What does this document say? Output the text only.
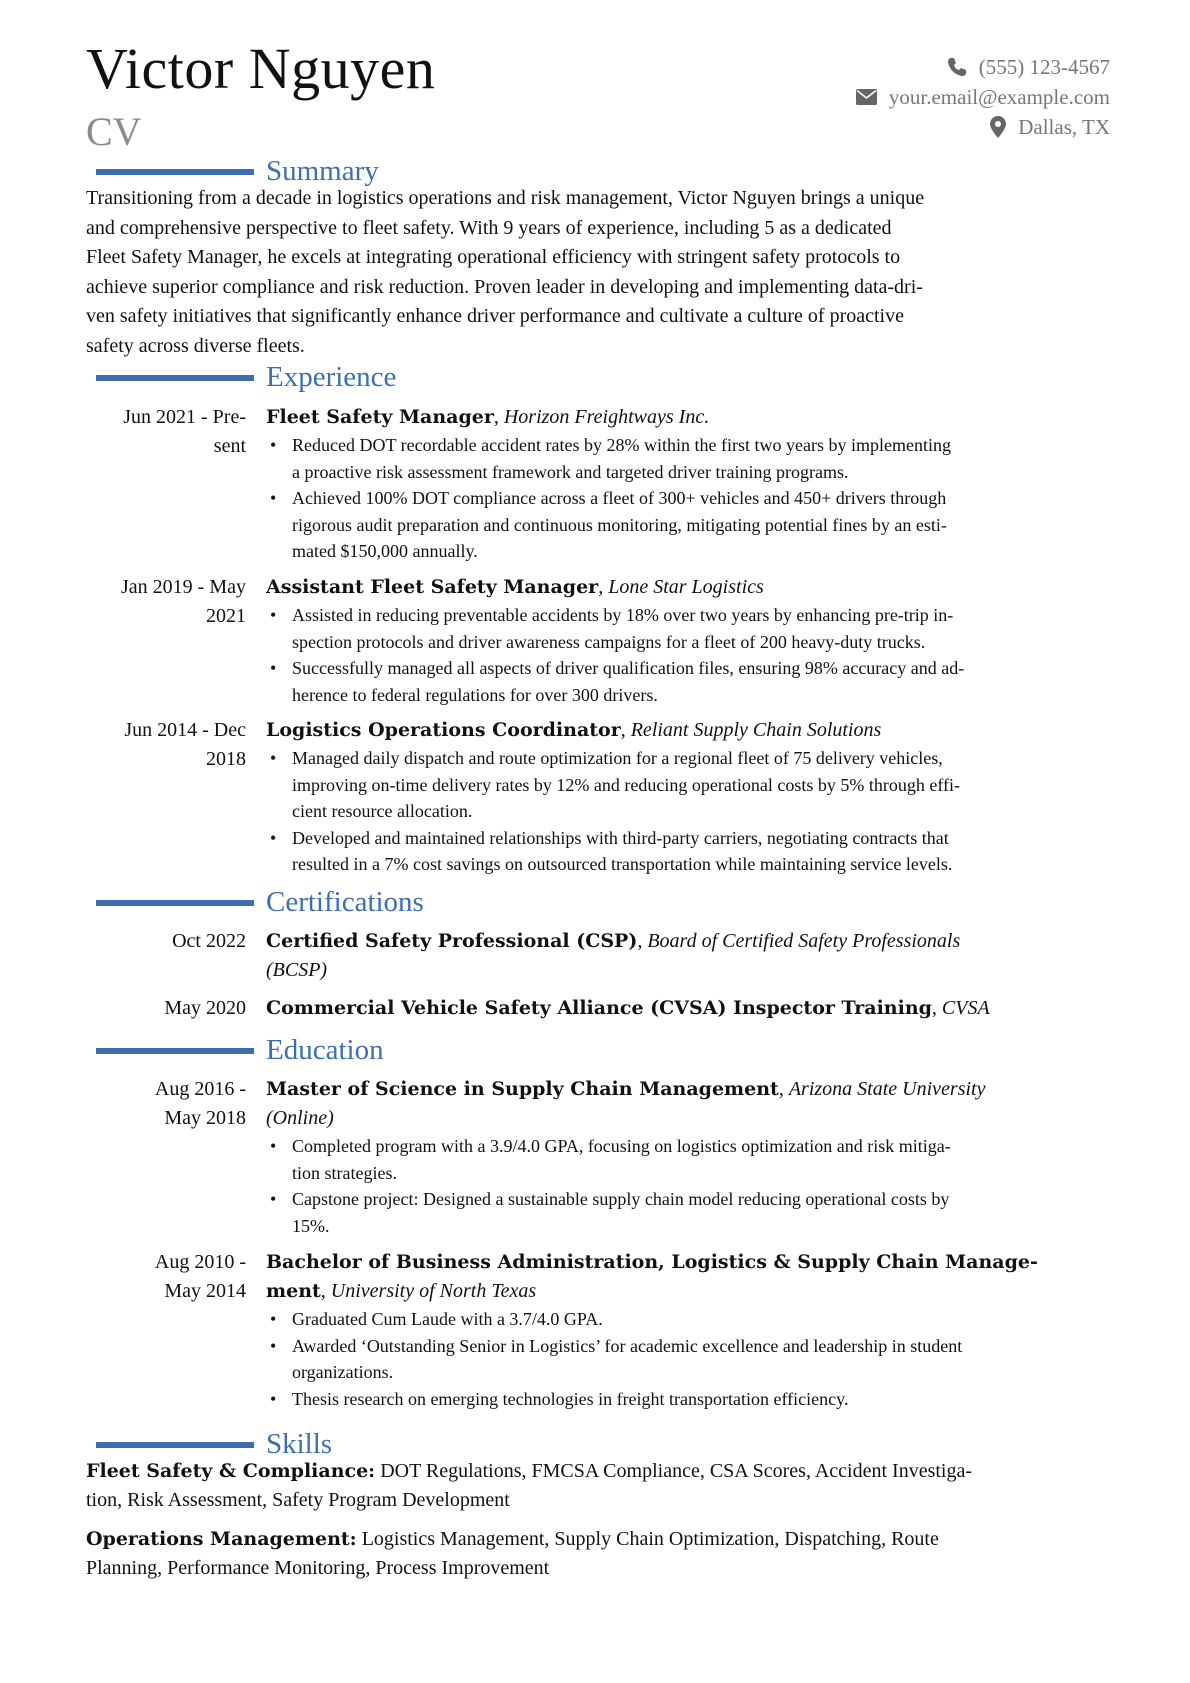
Victor Nguyen
CV
(555) 123-4567
your.email@example.com
Dallas, TX
Summary
Transitioning from a decade in logistics operations and risk management, Victor Nguyen brings a unique
and comprehensive perspective to fleet safety. With 9 years of experience, including 5 as a dedicated
Fleet Safety Manager, he excels at integrating operational efficiency with stringent safety protocols to
achieve superior compliance and risk reduction. Proven leader in developing and implementing data-dri-
ven safety initiatives that significantly enhance driver performance and cultivate a culture of proactive
safety across diverse fleets.
Experience
Jun 2021 - Pre-
sent
Fleet Safety Manager, Horizon Freightways Inc.
• Reduced DOT recordable accident rates by 28% within the first two years by implementing
a proactive risk assessment framework and targeted driver training programs.
• Achieved 100% DOT compliance across a fleet of 300+ vehicles and 450+ drivers through
rigorous audit preparation and continuous monitoring, mitigating potential fines by an esti-
mated $150,000 annually.
Jan 2019 - May
2021
Assistant Fleet Safety Manager, Lone Star Logistics
• Assisted in reducing preventable accidents by 18% over two years by enhancing pre-trip in-
spection protocols and driver awareness campaigns for a fleet of 200 heavy-duty trucks.
• Successfully managed all aspects of driver qualification files, ensuring 98% accuracy and ad-
herence to federal regulations for over 300 drivers.
Jun 2014 - Dec
2018
Logistics Operations Coordinator, Reliant Supply Chain Solutions
• Managed daily dispatch and route optimization for a regional fleet of 75 delivery vehicles,
improving on-time delivery rates by 12% and reducing operational costs by 5% through effi-
cient resource allocation.
• Developed and maintained relationships with third-party carriers, negotiating contracts that
resulted in a 7% cost savings on outsourced transportation while maintaining service levels.
Certifications
Oct 2022 Certified Safety Professional (CSP), Board of Certified Safety Professionals
(BCSP)
May 2020 Commercial Vehicle Safety Alliance (CVSA) Inspector Training, CVSA
Education
Aug 2016 -
May 2018
Master of Science in Supply Chain Management, Arizona State University
(Online)
• Completed program with a 3.9/4.0 GPA, focusing on logistics optimization and risk mitiga-
tion strategies.
• Capstone project: Designed a sustainable supply chain model reducing operational costs by
15%.
Aug 2010 -
May 2014
Bachelor of Business Administration, Logistics & Supply Chain Manage-
ment, University of North Texas
• Graduated Cum Laude with a 3.7/4.0 GPA.
• Awarded ‘Outstanding Senior in Logistics’ for academic excellence and leadership in student
organizations.
• Thesis research on emerging technologies in freight transportation efficiency.
Skills
Fleet Safety & Compliance: DOT Regulations, FMCSA Compliance, CSA Scores, Accident Investiga-
tion, Risk Assessment, Safety Program Development
Operations Management: Logistics Management, Supply Chain Optimization, Dispatching, Route
Planning, Performance Monitoring, Process Improvement
